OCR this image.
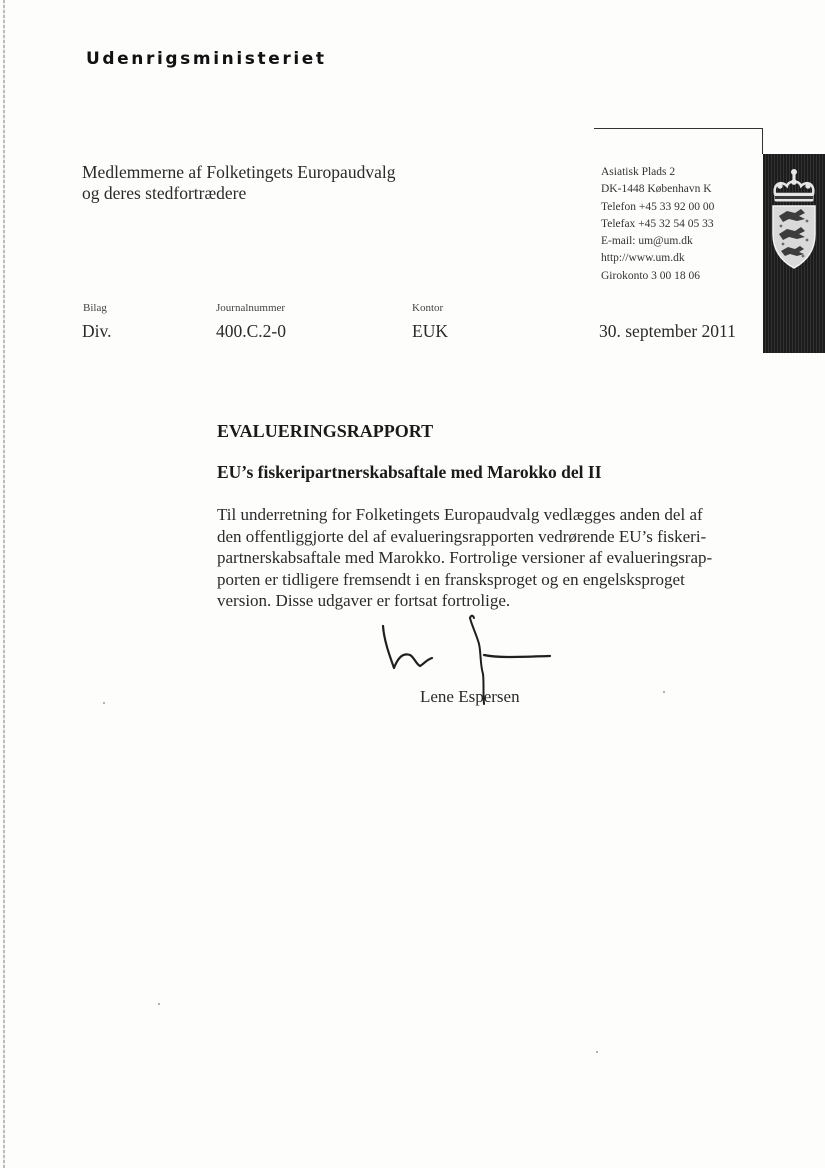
Udenrigsministeriet
Medlemmerne af Folketingets Europaudvalg
og deres stedfortrædere
Asiatisk Plads 2
DK-1448 København K
Telefon +45 33 92 00 00
Telefax +45 32 54 05 33
E-mail: um@um.dk
http://www.um.dk
Girokonto 3 00 18 06
Bilag	Journalnummer	Kontor
Div.	400.C.2-0	EUK	30. september 2011
EVALUERINGSRAPPORT
EU’s fiskeripartnerskabsaftale med Marokko del II
Til underretning for Folketingets Europaudvalg vedlægges anden del af
den offentliggjorte del af evalueringsrapporten vedrørende EU’s fiskeri-
partnerskabsaftale med Marokko. Fortrolige versioner af evalueringsrap-
porten er tidligere fremsendt i en fransksproget og en engelsksproget
version. Disse udgaver er fortsat fortrolige.
Lene Espersen
